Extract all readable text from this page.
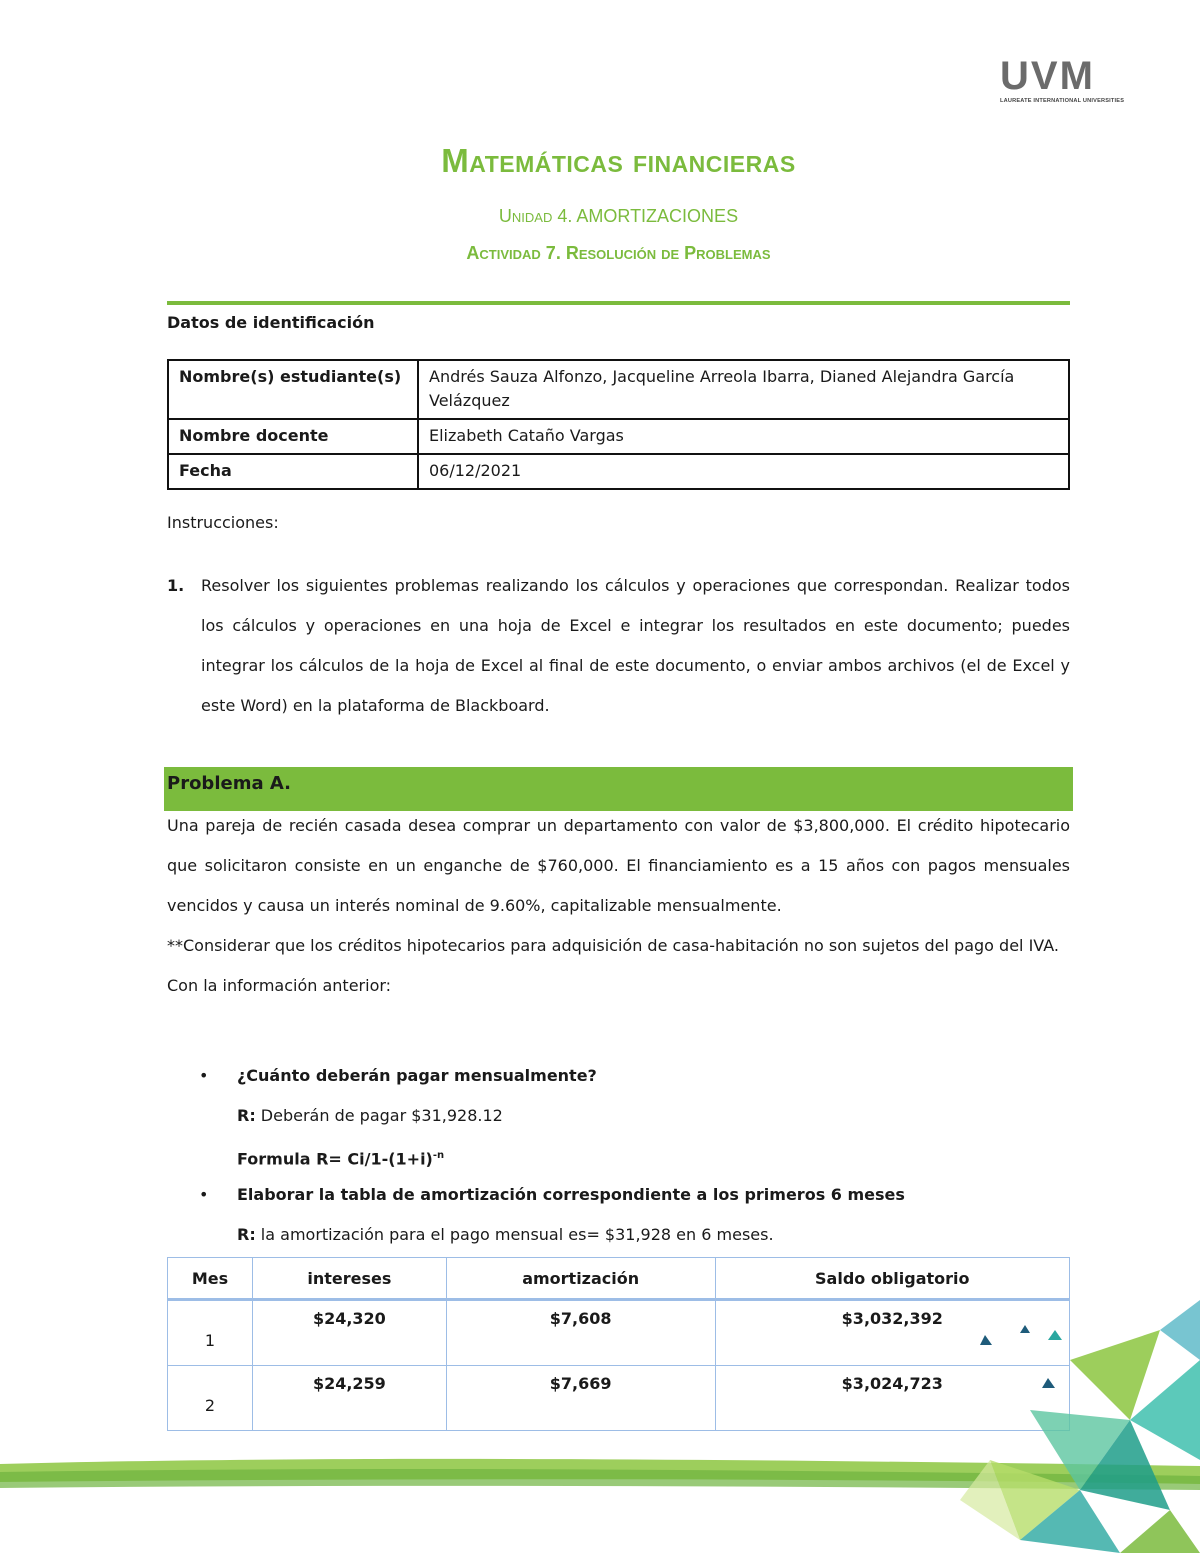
UVM
LAUREATE INTERNATIONAL UNIVERSITIES
Matemáticas financieras
Unidad 4. AMORTIZACIONES
Actividad 7. Resolución de Problemas
Datos de identificación
Nombre(s) estudiante(s)	Andrés Sauza Alfonzo, Jacqueline Arreola Ibarra, Dianed Alejandra García Velázquez
Nombre docente	Elizabeth Cataño Vargas
Fecha	06/12/2021
Instrucciones:
1. Resolver los siguientes problemas realizando los cálculos y operaciones que correspondan. Realizar todos los cálculos y operaciones en una hoja de Excel e integrar los resultados en este documento; puedes integrar los cálculos de la hoja de Excel al final de este documento, o enviar ambos archivos (el de Excel y este Word) en la plataforma de Blackboard.
Problema A.

Una pareja de recién casada desea comprar un departamento con valor de $3,800,000. El crédito hipotecario que solicitaron consiste en un enganche de $760,000. El financiamiento es a 15 años con pagos mensuales vencidos y causa un interés nominal de 9.60%, capitalizable mensualmente.

**Considerar que los créditos hipotecarios para adquisición de casa-habitación no son sujetos del pago del IVA.

Con la información anterior:

• ¿Cuánto deberán pagar mensualmente?
R: Deberán de pagar $31,928.12
Formula $R= Ci/1-(1+i)^{-n}$
• Elaborar la tabla de amortización correspondiente a los primeros 6 meses
R: la amortización para el pago mensual es= $31,928 en 6 meses.
Mes	intereses	amortización	Saldo obligatorio
1	$24,320	$7,608	$3,032,392

2	$24,259	$7,669	$3,024,723
